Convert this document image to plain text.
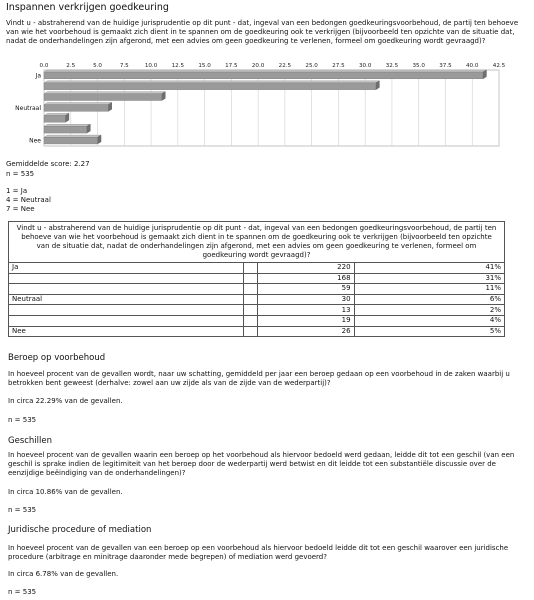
Inspannen verkrijgen goedkeuring
Vindt u - abstraherend van de huidige jurisprudentie op dit punt - dat, ingeval van een bedongen goedkeuringsvoorbehoud, de partij ten behoeve van wie het voorbehoud is gemaakt zich dient in te spannen om de goedkeuring ook te verkrijgen (bijvoorbeeld ten opzichte van de situatie dat, nadat de onderhandelingen zijn afgerond, met een advies om geen goedkeuring te verlenen, formeel om goedkeuring wordt gevraagd)?
0.0	2.5	5.0	7.5	10.0	12.5	15.0	17.5	20.0	22.5	25.0	27.5	30.0	32.5	35.0	37.5	40.0	42.5
Ja
Neutraal
Nee
Gemiddelde score: 2.27
n = 535
1 = Ja
4 = Neutraal
7 = Nee
Vindt u - abstraherend van de huidige jurisprudentie op dit punt - dat, ingeval van een bedongen goedkeuringsvoorbehoud, de partij ten behoeve van wie het voorbehoud is gemaakt zich dient in te spannen om de goedkeuring ook te verkrijgen (bijvoorbeeld ten opzichte van de situatie dat, nadat de onderhandelingen zijn afgerond, met een advies om geen goedkeuring te verlenen, formeel om goedkeuring wordt gevraagd)?			
Ja		220	41%
		168	31%
		59	11%
Neutraal		30	6%
		13	2%
		19	4%
Nee		26	5%
Beroep op voorbehoud
In hoeveel procent van de gevallen wordt, naar uw schatting, gemiddeld per jaar een beroep gedaan op een voorbehoud in de zaken waarbij u betrokken bent geweest (derhalve: zowel aan uw zijde als van de zijde van de wederpartij)?
In circa 22.29% van de gevallen.
n = 535
Geschillen
In hoeveel procent van de gevallen waarin een beroep op het voorbehoud als hiervoor bedoeld werd gedaan, leidde dit tot een geschil (van een geschil is sprake indien de legitimiteit van het beroep door de wederpartij werd betwist en dit leidde tot een substantiële discussie over de eenzijdige beëindiging van de onderhandelingen)?
In circa 10.86% van de gevallen.
n = 535
Juridische procedure of mediation
In hoeveel procent van de gevallen van een beroep op een voorbehoud als hiervoor bedoeld leidde dit tot een geschil waarover een juridische procedure (arbitrage en minitrage daaronder mede begrepen) of mediation werd gevoerd?
In circa 6.78% van de gevallen.
n = 535
